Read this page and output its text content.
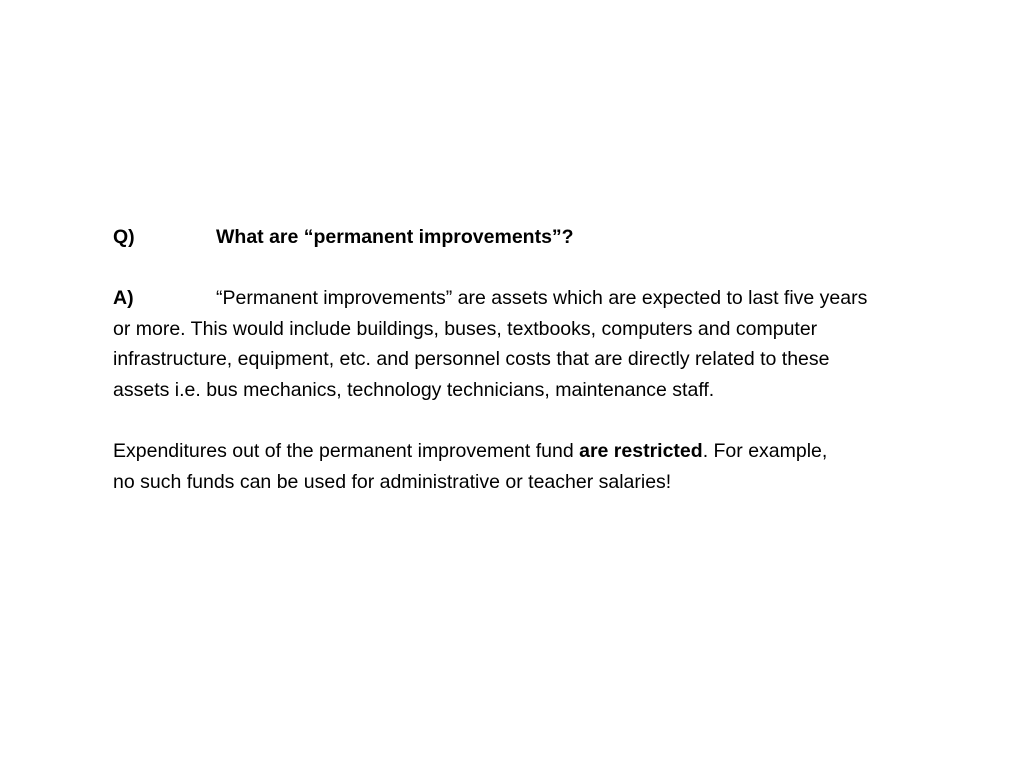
Q)	What are “permanent improvements”?

A)	“Permanent improvements” are assets which are expected to last five years

or more. This would include buildings, buses, textbooks, computers and computer

infrastructure, equipment, etc. and personnel costs that are directly related to these

assets i.e. bus mechanics, technology technicians, maintenance staff.

Expenditures out of the permanent improvement fund are restricted. For example,

no such funds can be used for administrative or teacher salaries!
